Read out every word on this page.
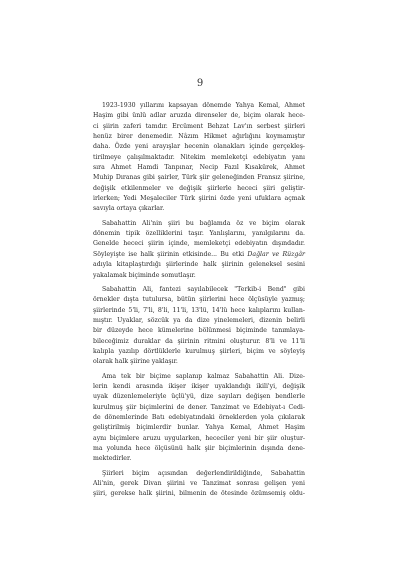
9

1923-1930 yıllarını kapsayan dönemde Yahya Kemal, Ahmet
Haşim gibi ünlü adlar aruzda direnseler de, biçim olarak hece-
ci şiirin zaferi tamdır. Ercüment Behzat Lav'ın serbest şiirleri
henüz birer denemedir. Nâzım Hikmet ağırlığını koymamıştır
daha. Özde yeni arayışlar hecenin olanakları içinde gerçekleş-
tirilmeye çalışılmaktadır. Nitekim memleketçi edebiyatın yanı
sıra Ahmet Hamdi Tanpınar, Necip Fazıl Kısakürek, Ahmet
Muhip Dıranas gibi şairler, Türk şiir geleneğinden Fransız şiirine,
değişik etkilenmeler ve değişik şiirlerle hececi şiiri geliştir-
irlerken; Yedi Meşaleciler Türk şiirini özde yeni ufuklara açmak
savıyla ortaya çıkarlar.

Sabahattin Ali'nin şiiri bu bağlamda öz ve biçim olarak
dönemin tipik özelliklerini taşır. Yanlışlarını, yanılgılarını da.
Genelde hececi şiirin içinde, memleketçi edebiyatın dışındadır.
Söyleyişte ise halk şiirinin etkisinde... Bu etki Dağlar ve Rüzgâr
adıyla kitaplaştırdığı şiirlerinde halk şiirinin geleneksel sesini
yakalamak biçiminde somutlaşır.

Sabahattin Ali, fantezi sayılabilecek "Terkib-i Bend" gibi
örnekler dışta tutulursa, bütün şiirlerini hece ölçüsüyle yazmış;
şiirlerinde 5'li, 7'li, 8'li, 11'li, 13'lü, 14'lü hece kalıplarını kullan-
mıştır. Uyaklar, sözcük ya da dize yinelemeleri, dizenin belirli
bir düzeyde hece kümelerine bölünmesi biçiminde tanımlaya-
bileceğimiz duraklar da şiirinin ritmini oluşturur. 8'li ve 11'li
kalıpla yazılıp dörtlüklerle kurulmuş şiirleri, biçim ve söyleyiş
olarak halk şiirine yaklaşır.

Ama tek bir biçime saplanıp kalmaz Sabahattin Ali. Dize-
lerin kendi arasında ikişer ikişer uyaklandığı ikili'yi, değişik
uyak düzenlemeleriyle üçlü'yü, dize sayıları değişen bendlerle
kurulmuş şiir biçimlerini de dener. Tanzimat ve Edebiyat-ı Cedi-
de dönemlerinde Batı edebiyatındaki örneklerden yola çıkılarak
geliştirilmiş biçimlerdir bunlar. Yahya Kemal, Ahmet Haşim
aynı biçimlere aruzu uygularken, hececiler yeni bir şiir oluştur-
ma yolunda hece ölçüsünü halk şiir biçimlerinin dışında dene-
mektedirler.

Şiirleri biçim açısından değerlendirildiğinde, Sabahattin
Ali'nin, gerek Divan şiirini ve Tanzimat sonrası gelişen yeni
şiiri, gerekse halk şiirini, bilmenin de ötesinde özümsemiş oldu-
